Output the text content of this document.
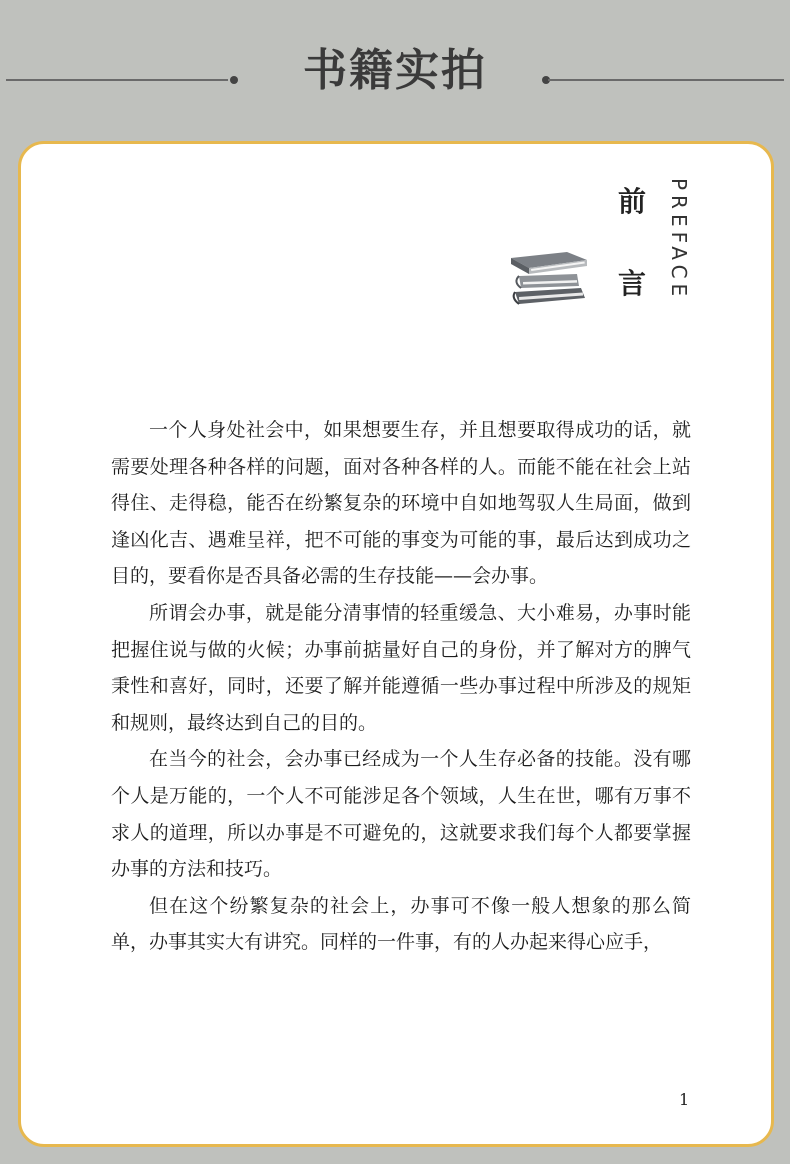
书籍实拍
前
言 PREFACE

一个人身处社会中，如果想要生存，并且想要取得成功的话，就需要处理各种各样的问题，面对各种各样的人。而能不能在社会上站得住、走得稳，能否在纷繁复杂的环境中自如地驾驭人生局面，做到逢凶化吉、遇难呈祥，把不可能的事变为可能的事，最后达到成功之目的，要看你是否具备必需的生存技能——会办事。

所谓会办事，就是能分清事情的轻重缓急、大小难易，办事时能把握住说与做的火候；办事前掂量好自己的身份，并了解对方的脾气秉性和喜好，同时，还要了解并能遵循一些办事过程中所涉及的规矩和规则，最终达到自己的目的。

在当今的社会，会办事已经成为一个人生存必备的技能。没有哪个人是万能的，一个人不可能涉足各个领域，人生在世，哪有万事不求人的道理，所以办事是不可避免的，这就要求我们每个人都要掌握办事的方法和技巧。

但在这个纷繁复杂的社会上，办事可不像一般人想象的那么简单，办事其实大有讲究。同样的一件事，有的人办起来得心应手，

1
